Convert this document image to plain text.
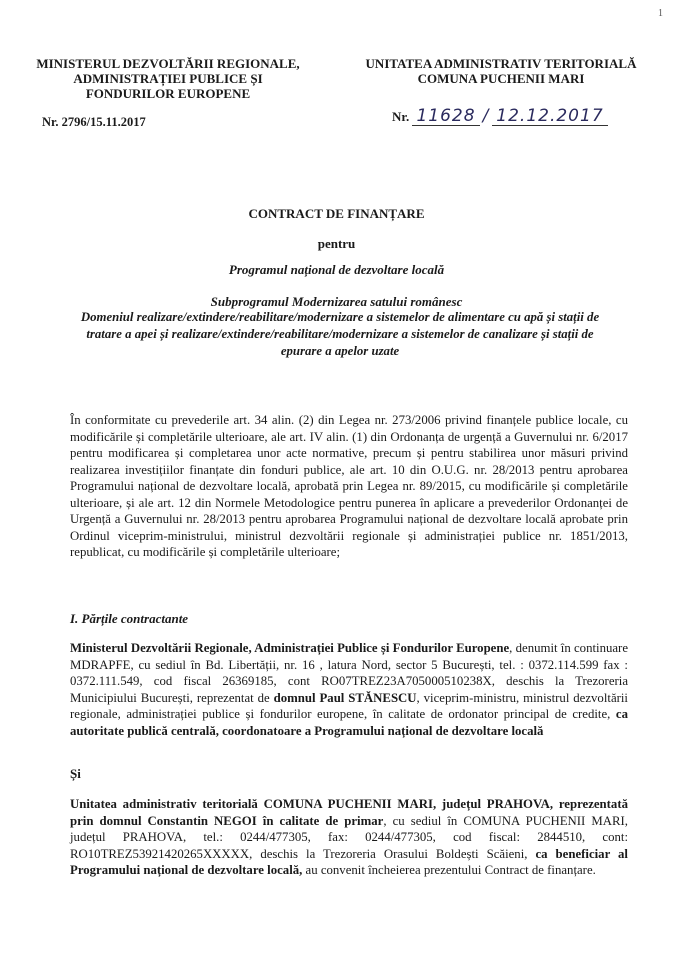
1
MINISTERUL DEZVOLTĂRII REGIONALE,
ADMINISTRAȚIEI PUBLICE ȘI
FONDURILOR EUROPENE
Nr. 2796/15.11.2017
UNITATEA ADMINISTRATIV TERITORIALĂ
COMUNA PUCHENII MARI
Nr. 11628 / 12.12.2017
CONTRACT DE FINANȚARE
pentru
Programul național de dezvoltare locală
Subprogramul Modernizarea satului românesc
Domeniul realizare/extindere/reabilitare/modernizare a sistemelor de alimentare cu apă și stații de tratare a apei și realizare/extindere/reabilitare/modernizare a sistemelor de canalizare și stații de epurare a apelor uzate
În conformitate cu prevederile art. 34 alin. (2) din Legea nr. 273/2006 privind finanțele publice locale, cu modificările și completările ulterioare, ale art. IV alin. (1) din Ordonanța de urgență a Guvernului nr. 6/2017 pentru modificarea și completarea unor acte normative, precum și pentru stabilirea unor măsuri privind realizarea investițiilor finanțate din fonduri publice, ale art. 10 din O.U.G. nr. 28/2013 pentru aprobarea Programului național de dezvoltare locală, aprobată prin Legea nr. 89/2015, cu modificările și completările ulterioare, și ale art. 12 din Normele Metodologice pentru punerea în aplicare a prevederilor Ordonanței de Urgență a Guvernului nr. 28/2013 pentru aprobarea Programului național de dezvoltare locală aprobate prin Ordinul viceprim-ministrului, ministrul dezvoltării regionale și administrației publice nr. 1851/2013, republicat, cu modificările și completările ulterioare;
I. Părțile contractante
Ministerul Dezvoltării Regionale, Administrației Publice și Fondurilor Europene, denumit în continuare MDRAPFE, cu sediul în Bd. Libertății, nr. 16 , latura Nord, sector 5 București, tel. : 0372.114.599 fax : 0372.111.549, cod fiscal 26369185, cont RO07TREZ23A705000510238X, deschis la Trezoreria Municipiului București, reprezentat de domnul Paul STĂNESCU, viceprim-ministru, ministrul dezvoltării regionale, administrației publice și fondurilor europene, în calitate de ordonator principal de credite, ca autoritate publică centrală, coordonatoare a Programului național de dezvoltare locală
Și
Unitatea administrativ teritorială COMUNA PUCHENII MARI, județul PRAHOVA, reprezentată prin domnul Constantin NEGOI în calitate de primar, cu sediul în COMUNA PUCHENII MARI, județul PRAHOVA, tel.: 0244/477305, fax: 0244/477305, cod fiscal: 2844510, cont: RO10TREZ53921420265XXXXX, deschis la Trezoreria Orasului Boldești Scăieni, ca beneficiar al Programului național de dezvoltare locală, au convenit încheierea prezentului Contract de finanțare.
